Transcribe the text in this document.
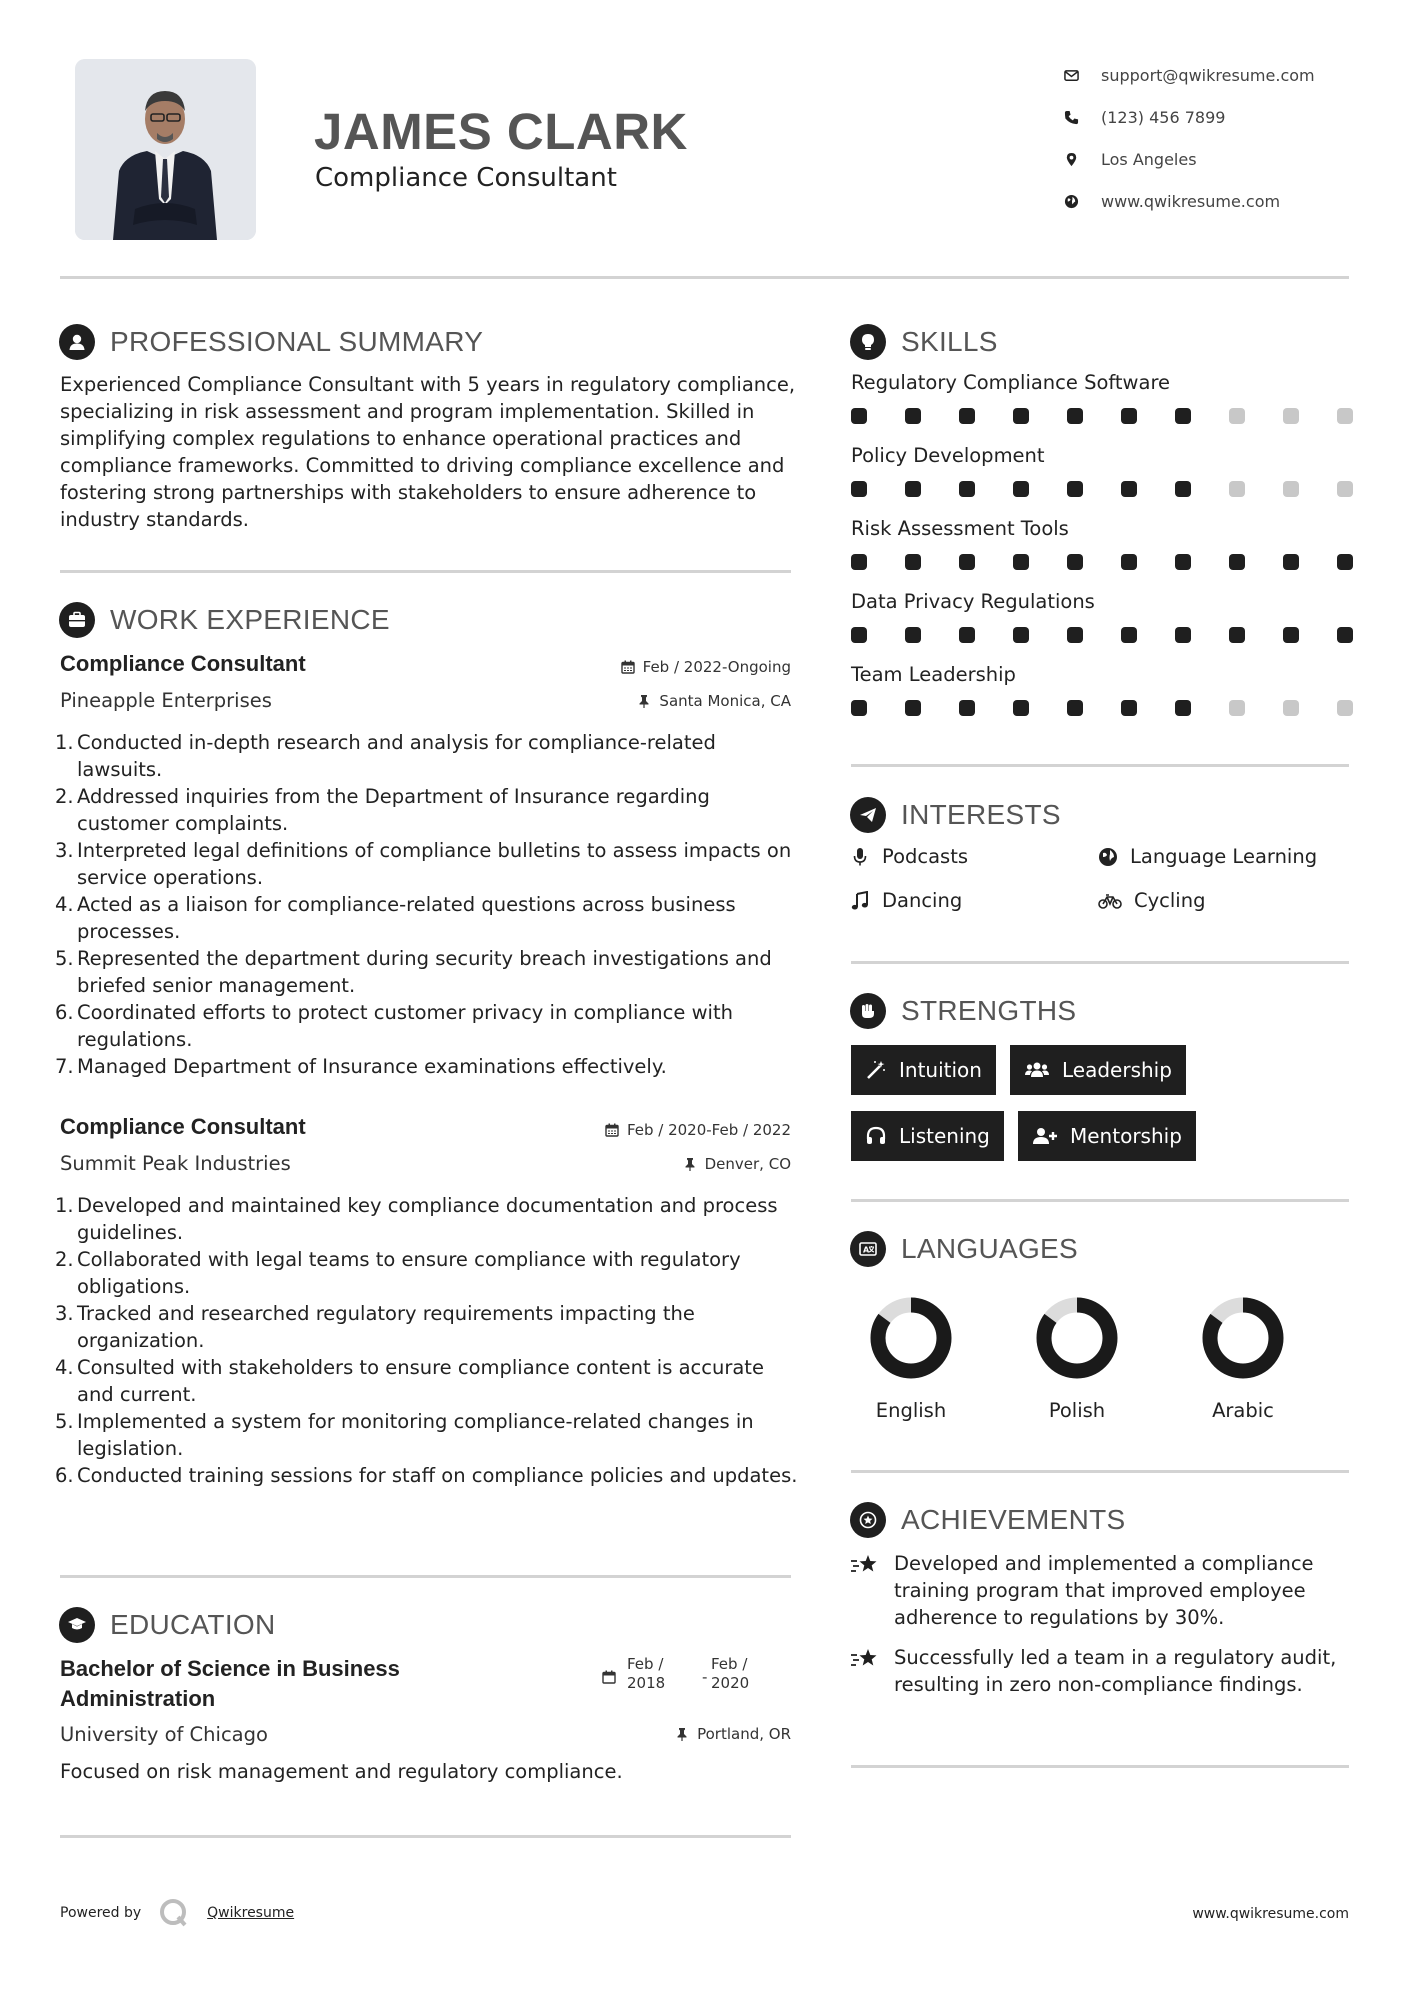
JAMES CLARK
Compliance Consultant
support@qwikresume.com
(123) 456 7899
Los Angeles
www.qwikresume.com
PROFESSIONAL SUMMARY
Experienced Compliance Consultant with 5 years in regulatory compliance, specializing in risk assessment and program implementation. Skilled in simplifying complex regulations to enhance operational practices and compliance frameworks. Committed to driving compliance excellence and fostering strong partnerships with stakeholders to ensure adherence to industry standards.
WORK EXPERIENCE
Compliance Consultant	Feb / 2022-Ongoing
Pineapple Enterprises	Santa Monica, CA
Conducted in-depth research and analysis for compliance-related lawsuits.
Addressed inquiries from the Department of Insurance regarding customer complaints.
Interpreted legal definitions of compliance bulletins to assess impacts on service operations.
Acted as a liaison for compliance-related questions across business processes.
Represented the department during security breach investigations and briefed senior management.
Coordinated efforts to protect customer privacy in compliance with regulations.
Managed Department of Insurance examinations effectively.
Compliance Consultant	Feb / 2020-Feb / 2022
Summit Peak Industries	Denver, CO
Developed and maintained key compliance documentation and process guidelines.
Collaborated with legal teams to ensure compliance with regulatory obligations.
Tracked and researched regulatory requirements impacting the organization.
Consulted with stakeholders to ensure compliance content is accurate and current.
Implemented a system for monitoring compliance-related changes in legislation.
Conducted training sessions for staff on compliance policies and updates.
EDUCATION
Bachelor of Science in Business Administration
Feb / 2018	-
Feb / 2020
University of Chicago	Portland, OR
Focused on risk management and regulatory compliance.
SKILLS
Regulatory Compliance Software
Policy Development
Risk Assessment Tools
Data Privacy Regulations
Team Leadership
INTERESTS
Podcasts	Language Learning
Dancing	Cycling
STRENGTHS
Intuition	Leadership
Listening	Mentorship
A LANGUAGES
English	Polish	Arabic
ACHIEVEMENTS
Developed and implemented a compliance training program that improved employee adherence to regulations by 30%.
Successfully led a team in a regulatory audit, resulting in zero non-compliance findings.
Powered by	Qwikresume	www.qwikresume.com
